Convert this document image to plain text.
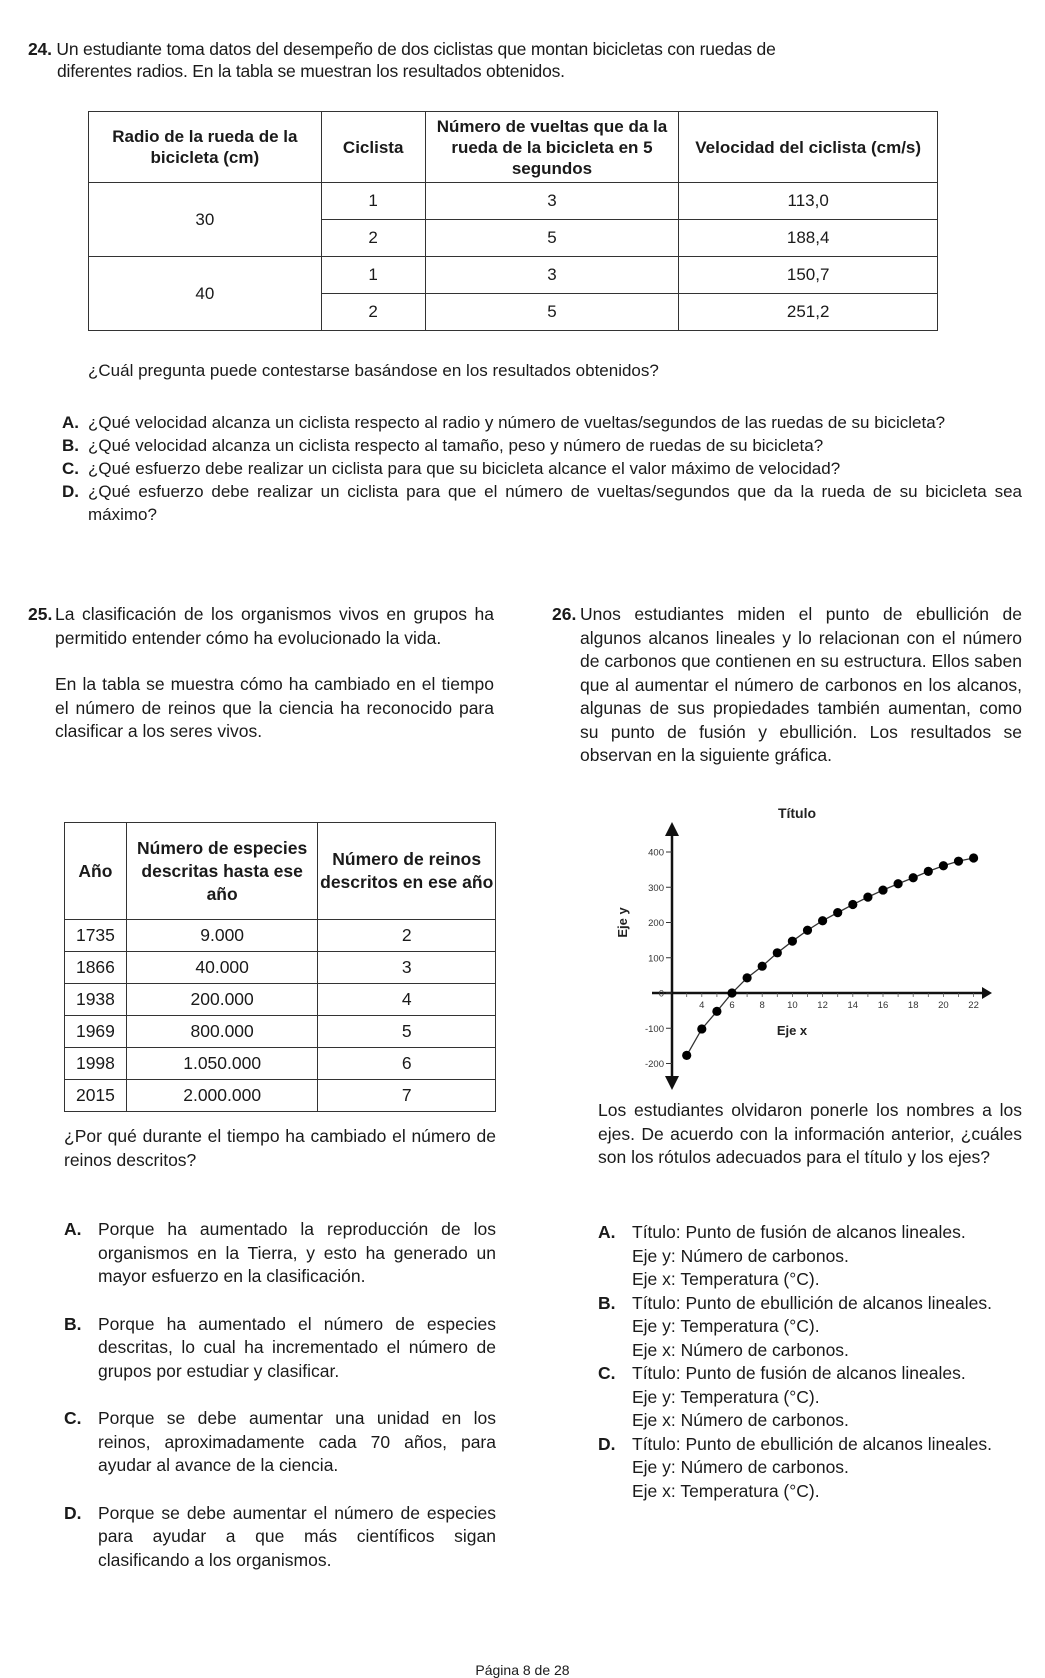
24. Un estudiante toma datos del desempeño de dos ciclistas que montan bicicletas con ruedas de
diferentes radios. En la tabla se muestran los resultados obtenidos.
Radio de la rueda de la bicicleta (cm)	Ciclista	Número de vueltas que da la rueda de la bicicleta en 5 segundos	Velocidad del ciclista (cm/s)
30	1	3	113,0
	2	5	188,4
40	1	3	150,7
	2	5	251,2
¿Cuál pregunta puede contestarse basándose en los resultados obtenidos?
A. ¿Qué velocidad alcanza un ciclista respecto al radio y número de vueltas/segundos de las ruedas de su bicicleta?
B. ¿Qué velocidad alcanza un ciclista respecto al tamaño, peso y número de ruedas de su bicicleta?
C. ¿Qué esfuerzo debe realizar un ciclista para que su bicicleta alcance el valor máximo de velocidad?
D. ¿Qué esfuerzo debe realizar un ciclista para que el número de vueltas/segundos que da la rueda de su bicicleta sea máximo?
25. La clasificación de los organismos vivos en grupos ha permitido entender cómo ha evolucionado la vida.
En la tabla se muestra cómo ha cambiado en el tiempo el número de reinos que la ciencia ha reconocido para clasificar a los seres vivos.
Año	Número de especies descritas hasta ese año	Número de reinos descritos en ese año
1735	9.000	2
1866	40.000	3
1938	200.000	4
1969	800.000	5
1998	1.050.000	6
2015	2.000.000	7
¿Por qué durante el tiempo ha cambiado el número de reinos descritos?
A. Porque ha aumentado la reproducción de los organismos en la Tierra, y esto ha generado un mayor esfuerzo en la clasificación.
B. Porque ha aumentado el número de especies descritas, lo cual ha incrementado el número de grupos por estudiar y clasificar.
C. Porque se debe aumentar una unidad en los reinos, aproximadamente cada 70 años, para ayudar al avance de la ciencia.
D. Porque se debe aumentar el número de especies para ayudar a que más científicos sigan clasificando a los organismos.
26. Unos estudiantes miden el punto de ebullición de algunos alcanos lineales y lo relacionan con el número de carbonos que contienen en su estructura. Ellos saben que al aumentar el número de carbonos en los alcanos, algunas de sus propiedades también aumentan, como su punto de fusión y ebullición. Los resultados se observan en la siguiente gráfica.
Título
400
300
200
100
0
-100
-200
4	6	8 10 12 14 16 18 20 22
Eje x
Eje y
Los estudiantes olvidaron ponerle los nombres a los ejes. De acuerdo con la información anterior, ¿cuáles son los rótulos adecuados para el título y los ejes?
A. Título: Punto de fusión de alcanos lineales.
Eje y: Número de carbonos.
Eje x: Temperatura (°C).
B. Título: Punto de ebullición de alcanos lineales.
Eje y: Temperatura (°C).
Eje x: Número de carbonos.
C. Título: Punto de fusión de alcanos lineales.
Eje y: Temperatura (°C).
Eje x: Número de carbonos.
D. Título: Punto de ebullición de alcanos lineales.
Eje y: Número de carbonos.
Eje x: Temperatura (°C).
Página 8 de 28
